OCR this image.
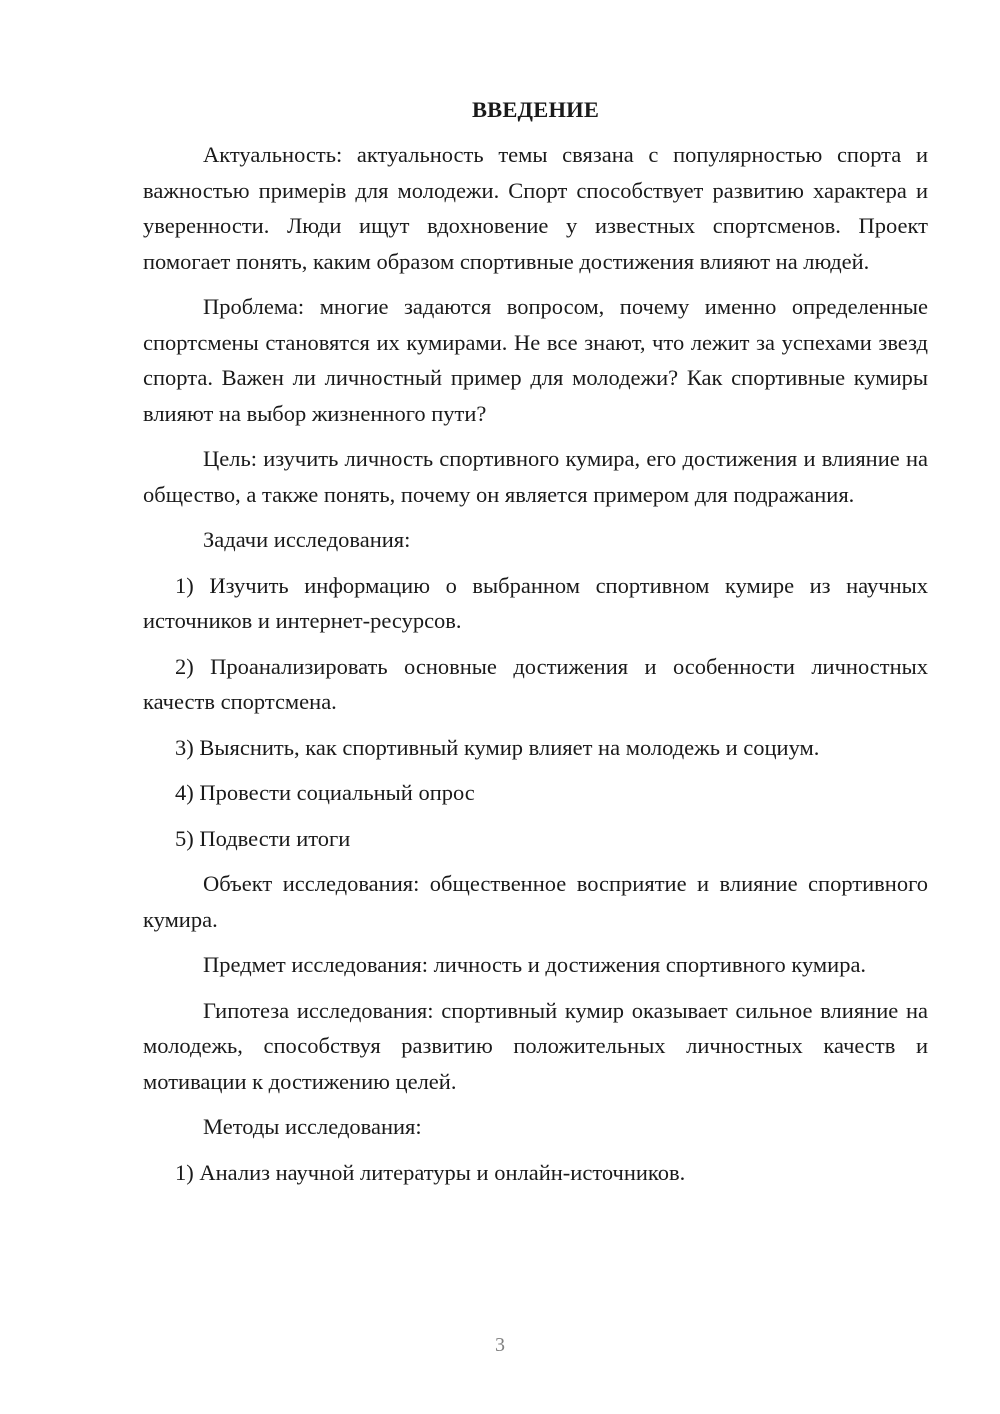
ВВЕДЕНИЕ

Актуальность: актуальность темы связана с популярностью спорта и важностью примерів для молодежи. Спорт способствует развитию характера и уверенности. Люди ищут вдохновение у известных спортсменов. Проект помогает понять, каким образом спортивные достижения влияют на людей.

Проблема: многие задаются вопросом, почему именно определенные спортсмены становятся их кумирами. Не все знают, что лежит за успехами звезд спорта. Важен ли личностный пример для молодежи? Как спортивные кумиры влияют на выбор жизненного пути?

Цель: изучить личность спортивного кумира, его достижения и влияние на общество, а также понять, почему он является примером для подражания.

Задачи исследования:

1) Изучить информацию о выбранном спортивном кумире из научных источников и интернет-ресурсов.

2) Проанализировать основные достижения и особенности личностных качеств спортсмена.

3) Выяснить, как спортивный кумир влияет на молодежь и социум.

4) Провести социальный опрос

5) Подвести итоги

Объект исследования: общественное восприятие и влияние спортивного кумира.

Предмет исследования: личность и достижения спортивного кумира.

Гипотеза исследования: спортивный кумир оказывает сильное влияние на молодежь, способствуя развитию положительных личностных качеств и мотивации к достижению целей.

Методы исследования:

1) Анализ научной литературы и онлайн-источников.

3
